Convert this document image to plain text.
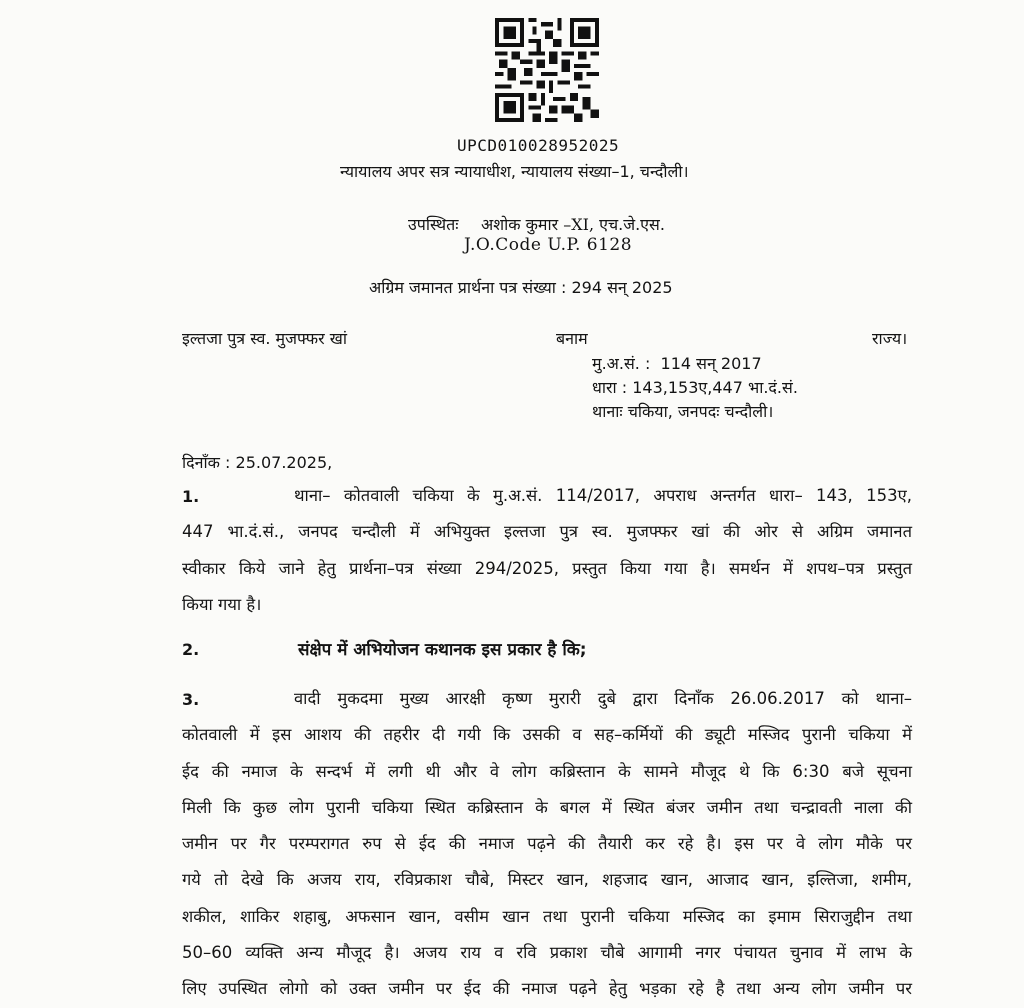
UPCD010028952025
न्यायालय अपर सत्र न्यायाधीश, न्यायालय संख्या–1, चन्दौली।
उपस्थितः अशोक कुमार –XI, एच.जे.एस.
J.O.Code U.P. 6128
अग्रिम जमानत प्रार्थना पत्र संख्या : 294 सन् 2025
इल्तजा पुत्र स्व. मुजफ्फर खां	बनाम	राज्य।
मु.अ.सं. :  114 सन् 2017
धारा : 143,153ए,447 भा.दं.सं.
थानाः चकिया, जनपदः चन्दौली।
दिनाँक : 25.07.2025,
1.	थाना– कोतवाली चकिया के मु.अ.सं. 114/2017, अपराध अन्तर्गत धारा– 143, 153ए,
447 भा.दं.सं., जनपद चन्दौली में अभियुक्त इल्तजा पुत्र स्व. मुजफ्फर खां की ओर से अग्रिम जमानत
स्वीकार किये जाने हेतु प्रार्थना–पत्र संख्या 294/2025, प्रस्तुत किया गया है। समर्थन में शपथ–पत्र प्रस्तुत
किया गया है।
2.	संक्षेप में अभियोजन कथानक इस प्रकार है कि;
3.	वादी मुकदमा मुख्य आरक्षी कृष्ण मुरारी दुबे द्वारा दिनाँक 26.06.2017 को थाना–
कोतवाली में इस आशय की तहरीर दी गयी कि उसकी व सह–कर्मियों की ड्यूटी मस्जिद पुरानी चकिया में
ईद की नमाज के सन्दर्भ में लगी थी और वे लोग कब्रिस्तान के सामने मौजूद थे कि 6:30 बजे सूचना
मिली कि कुछ लोग पुरानी चकिया स्थित कब्रिस्तान के बगल में स्थित बंजर जमीन तथा चन्द्रावती नाला की
जमीन पर गैर परम्परागत रुप से ईद की नमाज पढ़ने की तैयारी कर रहे है। इस पर वे लोग मौके पर
गये तो देखे कि अजय राय, रविप्रकाश चौबे, मिस्टर खान, शहजाद खान, आजाद खान, इल्तिजा, शमीम,
शकील, शाकिर शहाबु, अफसान खान, वसीम खान तथा पुरानी चकिया मस्जिद का इमाम सिराजुद्दीन तथा
50–60 व्यक्ति अन्य मौजूद है। अजय राय व रवि प्रकाश चौबे आगामी नगर पंचायत चुनाव में लाभ के
लिए उपस्थित लोगो को उक्त जमीन पर ईद की नमाज पढ़ने हेतु भड़का रहे है तथा अन्य लोग जमीन पर
